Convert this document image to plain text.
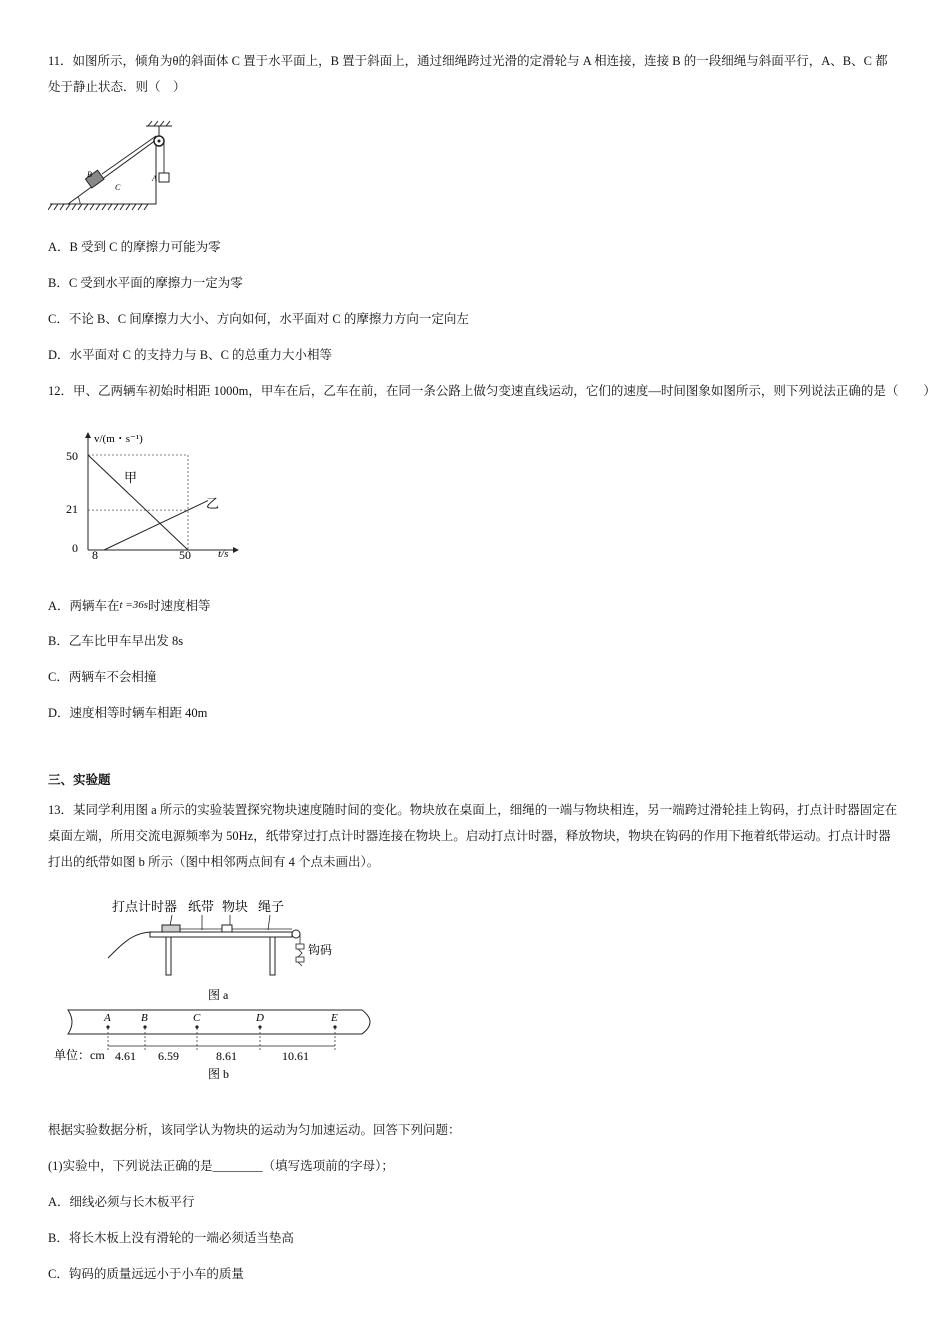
11．如图所示，倾角为θ的斜面体 C 置于水平面上，B 置于斜面上，通过细绳跨过光滑的定滑轮与 A 相连接，连接 B 的一段细绳与斜面平行，A、B、C 都处于静止状态．则（　）
B
C
A
A．B 受到 C 的摩擦力可能为零
B．C 受到水平面的摩擦力一定为零
C．不论 B、C 间摩擦力大小、方向如何，水平面对 C 的摩擦力方向一定向左
D．水平面对 C 的支持力与 B、C 的总重力大小相等
12．甲、乙两辆车初始时相距 1000m，甲车在后，乙车在前，在同一条公路上做匀变速直线运动，它们的速度—时间图象如图所示，则下列说法正确的是（　　）
v/(m・s⁻¹)
t/s
甲
乙
50
21
0 8	50
A．两辆车在t =36s时速度相等
B．乙车比甲车早出发 8s
C．两辆车不会相撞
D．速度相等时辆车相距 40m
三、实验题
13．某同学利用图 a 所示的实验装置探究物块速度随时间的变化。物块放在桌面上，细绳的一端与物块相连，另一端跨过滑轮挂上钩码，打点计时器固定在桌面左端，所用交流电源频率为 50Hz，纸带穿过打点计时器连接在物块上。启动打点计时器，释放物块，物块在钩码的作用下拖着纸带运动。打点计时器打出的纸带如图 b 所示（图中相邻两点间有 4 个点未画出）。
打点计时器 纸带 物块 绳子
钩码
图 a
A	B	C	D	E
单位：cm 4.61 6.59	8.61	10.61
图 b
根据实验数据分析，该同学认为物块的运动为匀加速运动。回答下列问题：
(1)实验中，下列说法正确的是________（填写选项前的字母）；
A．细线必须与长木板平行
B．将长木板上没有滑轮的一端必须适当垫高
C．钩码的质量远远小于小车的质量
